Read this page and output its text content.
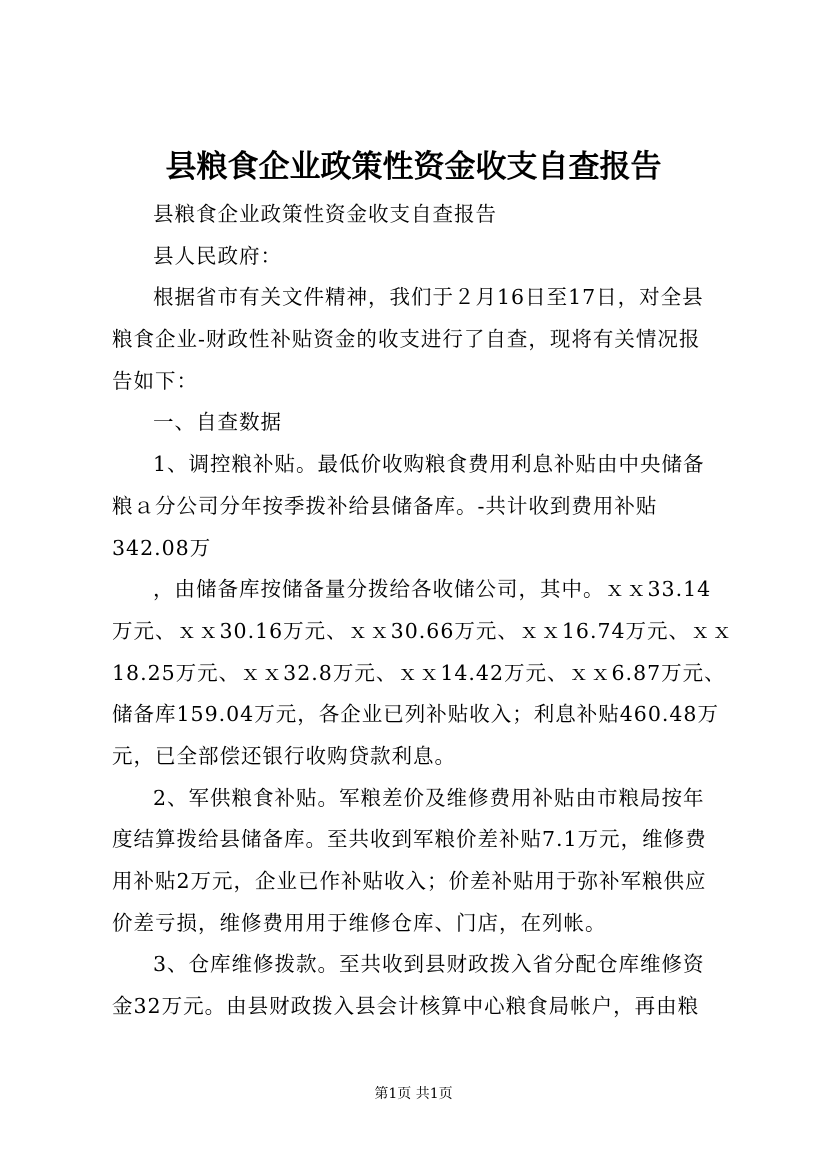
县粮食企业政策性资金收支自查报告
县粮食企业政策性资金收支自查报告
县人民政府：
根据省市有关文件精神，我们于２月16日至17日，对全县
粮食企业-财政性补贴资金的收支进行了自查，现将有关情况报
告如下：
一、自查数据
1、调控粮补贴。最低价收购粮食费用利息补贴由中央储备
粮ａ分公司分年按季拨补给县储备库。-共计收到费用补贴
342.08万
，由储备库按储备量分拨给各收储公司，其中。ｘｘ33.14
万元、ｘｘ30.16万元、ｘｘ30.66万元、ｘｘ16.74万元、ｘｘ
18.25万元、ｘｘ32.8万元、ｘｘ14.42万元、ｘｘ6.87万元、
储备库159.04万元，各企业已列补贴收入；利息补贴460.48万
元，已全部偿还银行收购贷款利息。
2、军供粮食补贴。军粮差价及维修费用补贴由市粮局按年
度结算拨给县储备库。至共收到军粮价差补贴7.1万元，维修费
用补贴2万元，企业已作补贴收入；价差补贴用于弥补军粮供应
价差亏损，维修费用用于维修仓库、门店，在列帐。
3、仓库维修拨款。至共收到县财政拨入省分配仓库维修资
金32万元。由县财政拨入县会计核算中心粮食局帐户，再由粮
第1页 共1页
